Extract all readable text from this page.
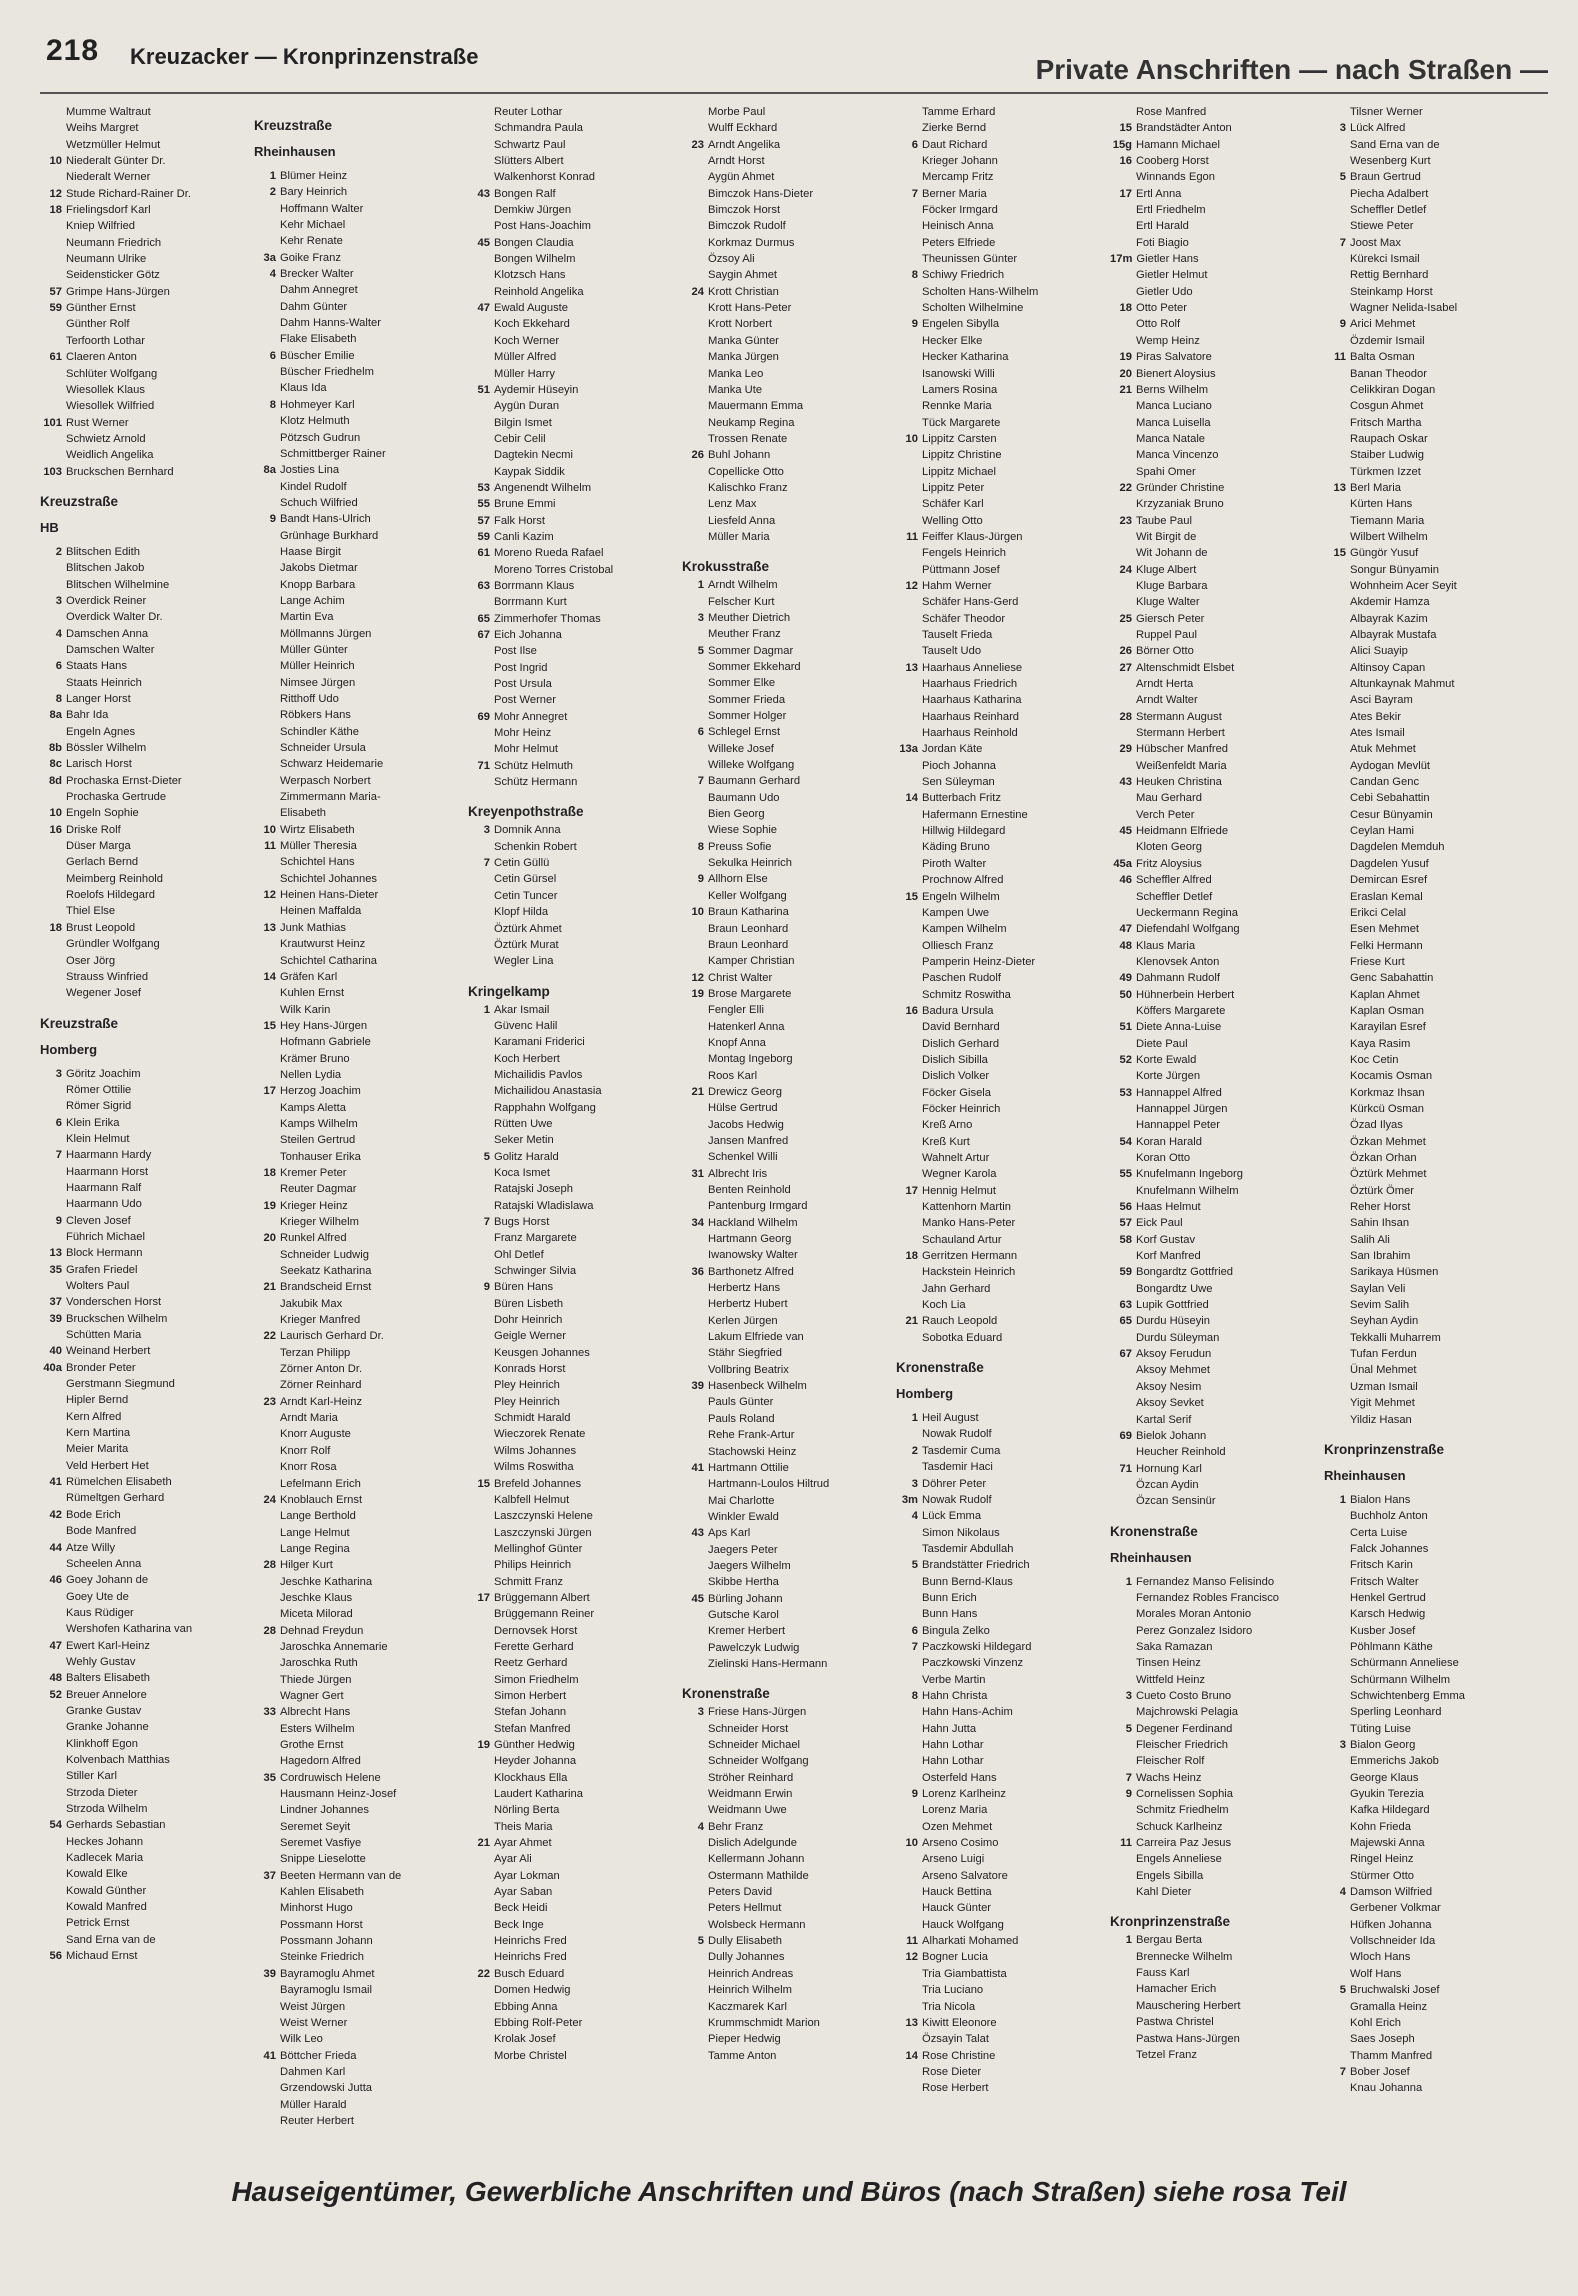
218 Kreuzacker — Kronprinzenstraße	Private Anschriften — nach Straßen —
Mumme Waltraut
Weihs Margret
Wetzmüller Helmut
10 Niederalt Günter Dr.
Niederalt Werner
12 Stude Richard-Rainer Dr.
18 Frielingsdorf Karl
Kniep Wilfried
Neumann Friedrich
Neumann Ulrike
Seidensticker Götz
57 Grimpe Hans-Jürgen
59 Günther Ernst
Günther Rolf
Terfoorth Lothar
61 Claeren Anton
Schlüter Wolfgang
Wiesollek Klaus
Wiesollek Wilfried
101 Rust Werner
Schwietz Arnold
Weidlich Angelika
103 Bruckschen Bernhard
Kreuzstraße
HB
2 Blitschen Edith
Blitschen Jakob
Blitschen Wilhelmine
3 Overdick Reiner
Overdick Walter Dr.
4 Damschen Anna
Damschen Walter
6 Staats Hans
Staats Heinrich
8 Langer Horst
8a Bahr Ida
Engeln Agnes
8b Bössler Wilhelm
8c Larisch Horst
8d Prochaska Ernst-Dieter
Prochaska Gertrude
10 Engeln Sophie
16 Driske Rolf
Düser Marga
Gerlach Bernd
Meimberg Reinhold
Roelofs Hildegard
Thiel Else
18 Brust Leopold
Gründler Wolfgang
Oser Jörg
Strauss Winfried
Wegener Josef
Kreuzstraße
Homberg
3 Göritz Joachim
Römer Ottilie
Römer Sigrid
6 Klein Erika
Klein Helmut
7 Haarmann Hardy
Haarmann Horst
Haarmann Ralf
Haarmann Udo
9 Cleven Josef
Führich Michael
13 Block Hermann
35 Grafen Friedel
Wolters Paul
37 Vonderschen Horst
39 Bruckschen Wilhelm
Schütten Maria
40 Weinand Herbert
40a Bronder Peter
Gerstmann Siegmund
Hipler Bernd
Kern Alfred
Kern Martina
Meier Marita
Veld Herbert Het
41 Rümelchen Elisabeth
Rümeltgen Gerhard
42 Bode Erich
Bode Manfred
44 Atze Willy
Scheelen Anna
46 Goey Johann de
Goey Ute de
Kaus Rüdiger
Wershofen Katharina van
47 Ewert Karl-Heinz
Wehly Gustav
48 Balters Elisabeth
52 Breuer Annelore
Granke Gustav
Granke Johanne
Klinkhoff Egon
Kolvenbach Matthias
Stiller Karl
Strzoda Dieter
Strzoda Wilhelm
54 Gerhards Sebastian
Heckes Johann
Kadlecek Maria
Kowald Elke
Kowald Günther
Kowald Manfred
Petrick Ernst
Sand Erna van de
56 Michaud Ernst
Kreuzstraße
Rheinhausen
1 Blümer Heinz
2 Bary Heinrich
Hoffmann Walter
Kehr Michael
Kehr Renate
3a Goike Franz
4 Brecker Walter
Dahm Annegret
Dahm Günter
Dahm Hanns-Walter
Flake Elisabeth
6 Büscher Emilie
Büscher Friedhelm
Klaus Ida
8 Hohmeyer Karl
Klotz Helmuth
Pötzsch Gudrun
Schmittberger Rainer
8a Josties Lina
Kindel Rudolf
Schuch Wilfried
9 Bandt Hans-Ulrich
Grünhage Burkhard
Haase Birgit
Jakobs Dietmar
Knopp Barbara
Lange Achim
Martin Eva
Möllmanns Jürgen
Müller Günter
Müller Heinrich
Nimsee Jürgen
Ritthoff Udo
Röbkers Hans
Schindler Käthe
Schneider Ursula
Schwarz Heidemarie
Werpasch Norbert
Zimmermann Maria-
Elisabeth
10 Wirtz Elisabeth
11 Müller Theresia
Schichtel Hans
Schichtel Johannes
12 Heinen Hans-Dieter
Heinen Maffalda
13 Junk Mathias
Krautwurst Heinz
Schichtel Catharina
14 Gräfen Karl
Kuhlen Ernst
Wilk Karin
15 Hey Hans-Jürgen
Hofmann Gabriele
Krämer Bruno
Nellen Lydia
17 Herzog Joachim
Kamps Aletta
Kamps Wilhelm
Steilen Gertrud
Tonhauser Erika
18 Kremer Peter
Reuter Dagmar
19 Krieger Heinz
Krieger Wilhelm
20 Runkel Alfred
Schneider Ludwig
Seekatz Katharina
21 Brandscheid Ernst
Jakubik Max
Krieger Manfred
22 Laurisch Gerhard Dr.
Terzan Philipp
Zörner Anton Dr.
Zörner Reinhard
23 Arndt Karl-Heinz
Arndt Maria
Knorr Auguste
Knorr Rolf
Knorr Rosa
Lefelmann Erich
24 Knoblauch Ernst
Lange Berthold
Lange Helmut
Lange Regina
28 Hilger Kurt
Jeschke Katharina
Jeschke Klaus
Miceta Milorad
28 Dehnad Freydun
Jaroschka Annemarie
Jaroschka Ruth
Thiede Jürgen
Wagner Gert
33 Albrecht Hans
Esters Wilhelm
Grothe Ernst
Hagedorn Alfred
35 Cordruwisch Helene
Hausmann Heinz-Josef
Lindner Johannes
Seremet Seyit
Seremet Vasfiye
Snippe Lieselotte
37 Beeten Hermann van de
Kahlen Elisabeth
Minhorst Hugo
Possmann Horst
Possmann Johann
Steinke Friedrich
39 Bayramoglu Ahmet
Bayramoglu Ismail
Weist Jürgen
Weist Werner
Wilk Leo
41 Böttcher Frieda
Dahmen Karl
Grzendowski Jutta
Müller Harald
Reuter Herbert
Reuter Lothar
Schmandra Paula
Schwartz Paul
Slütters Albert
Walkenhorst Konrad
43 Bongen Ralf
Demkiw Jürgen
Post Hans-Joachim
45 Bongen Claudia
Bongen Wilhelm
Klotzsch Hans
Reinhold Angelika
47 Ewald Auguste
Koch Ekkehard
Koch Werner
Müller Alfred
Müller Harry
51 Aydemir Hüseyin
Aygün Duran
Bilgin Ismet
Cebir Celil
Dagtekin Necmi
Kaypak Siddik
53 Angenendt Wilhelm
55 Brune Emmi
57 Falk Horst
59 Canli Kazim
61 Moreno Rueda Rafael
Moreno Torres Cristobal
63 Borrmann Klaus
Borrmann Kurt
65 Zimmerhofer Thomas
67 Eich Johanna
Post Ilse
Post Ingrid
Post Ursula
Post Werner
69 Mohr Annegret
Mohr Heinz
Mohr Helmut
71 Schütz Helmuth
Schütz Hermann
Kreyenpothstraße
3 Domnik Anna
Schenkin Robert
7 Cetin Güllü
Cetin Gürsel
Cetin Tuncer
Klopf Hilda
Öztürk Ahmet
Öztürk Murat
Wegler Lina
Kringelkamp
1 Akar Ismail
Güvenc Halil
Karamani Friderici
Koch Herbert
Michailidis Pavlos
Michailidou Anastasia
Rapphahn Wolfgang
Rütten Uwe
Seker Metin
5 Golitz Harald
Koca Ismet
Ratajski Joseph
Ratajski Wladislawa
7 Bugs Horst
Franz Margarete
Ohl Detlef
Schwinger Silvia
9 Büren Hans
Büren Lisbeth
Dohr Heinrich
Geigle Werner
Keusgen Johannes
Konrads Horst
Pley Heinrich
Pley Heinrich
Schmidt Harald
Wieczorek Renate
Wilms Johannes
Wilms Roswitha
15 Brefeld Johannes
Kalbfell Helmut
Laszczynski Helene
Laszczynski Jürgen
Mellinghof Günter
Philips Heinrich
Schmitt Franz
17 Brüggemann Albert
Brüggemann Reiner
Dernovsek Horst
Ferette Gerhard
Reetz Gerhard
Simon Friedhelm
Simon Herbert
Stefan Johann
Stefan Manfred
19 Günther Hedwig
Heyder Johanna
Klockhaus Ella
Laudert Katharina
Nörling Berta
Theis Maria
21 Ayar Ahmet
Ayar Ali
Ayar Lokman
Ayar Saban
Beck Heidi
Beck Inge
Heinrichs Fred
Heinrichs Fred
22 Busch Eduard
Domen Hedwig
Ebbing Anna
Ebbing Rolf-Peter
Krolak Josef
Morbe Christel
Morbe Paul
Wulff Eckhard
23 Arndt Angelika
Arndt Horst
Aygün Ahmet
Bimczok Hans-Dieter
Bimczok Horst
Bimczok Rudolf
Korkmaz Durmus
Özsoy Ali
Saygin Ahmet
24 Krott Christian
Krott Hans-Peter
Krott Norbert
Manka Günter
Manka Jürgen
Manka Leo
Manka Ute
Mauermann Emma
Neukamp Regina
Trossen Renate
26 Buhl Johann
Copellicke Otto
Kalischko Franz
Lenz Max
Liesfeld Anna
Müller Maria
Krokusstraße
1 Arndt Wilhelm
Felscher Kurt
3 Meuther Dietrich
Meuther Franz
5 Sommer Dagmar
Sommer Ekkehard
Sommer Elke
Sommer Frieda
Sommer Holger
6 Schlegel Ernst
Willeke Josef
Willeke Wolfgang
7 Baumann Gerhard
Baumann Udo
Bien Georg
Wiese Sophie
8 Preuss Sofie
Sekulka Heinrich
9 Allhorn Else
Keller Wolfgang
10 Braun Katharina
Braun Leonhard
Braun Leonhard
Kamper Christian
12 Christ Walter
19 Brose Margarete
Fengler Elli
Hatenkerl Anna
Knopf Anna
Montag Ingeborg
Roos Karl
21 Drewicz Georg
Hülse Gertrud
Jacobs Hedwig
Jansen Manfred
Schenkel Willi
31 Albrecht Iris
Benten Reinhold
Pantenburg Irmgard
34 Hackland Wilhelm
Hartmann Georg
Iwanowsky Walter
36 Barthonetz Alfred
Herbertz Hans
Herbertz Hubert
Kerlen Jürgen
Lakum Elfriede van
Stähr Siegfried
Vollbring Beatrix
39 Hasenbeck Wilhelm
Pauls Günter
Pauls Roland
Rehe Frank-Artur
Stachowski Heinz
41 Hartmann Ottilie
Hartmann-Loulos Hiltrud
Mai Charlotte
Winkler Ewald
43 Aps Karl
Jaegers Peter
Jaegers Wilhelm
Skibbe Hertha
45 Bürling Johann
Gutsche Karol
Kremer Herbert
Pawelczyk Ludwig
Zielinski Hans-Hermann
Kronenstraße
3 Friese Hans-Jürgen
Schneider Horst
Schneider Michael
Schneider Wolfgang
Ströher Reinhard
Weidmann Erwin
Weidmann Uwe
4 Behr Franz
Dislich Adelgunde
Kellermann Johann
Ostermann Mathilde
Peters David
Peters Hellmut
Wolsbeck Hermann
5 Dully Elisabeth
Dully Johannes
Heinrich Andreas
Heinrich Wilhelm
Kaczmarek Karl
Krummschmidt Marion
Pieper Hedwig
Tamme Anton
Tamme Erhard
Zierke Bernd
6 Daut Richard
Krieger Johann
Mercamp Fritz
7 Berner Maria
Föcker Irmgard
Heinisch Anna
Peters Elfriede
Theunissen Günter
8 Schiwy Friedrich
Scholten Hans-Wilhelm
Scholten Wilhelmine
9 Engelen Sibylla
Hecker Elke
Hecker Katharina
Isanowski Willi
Lamers Rosina
Rennke Maria
Tück Margarete
10 Lippitz Carsten
Lippitz Christine
Lippitz Michael
Lippitz Peter
Schäfer Karl
Welling Otto
11 Feiffer Klaus-Jürgen
Fengels Heinrich
Püttmann Josef
12 Hahm Werner
Schäfer Hans-Gerd
Schäfer Theodor
Tauselt Frieda
Tauselt Udo
13 Haarhaus Anneliese
Haarhaus Friedrich
Haarhaus Katharina
Haarhaus Reinhard
Haarhaus Reinhold
13a Jordan Käte
Pioch Johanna
Sen Süleyman
14 Butterbach Fritz
Hafermann Ernestine
Hillwig Hildegard
Käding Bruno
Piroth Walter
Prochnow Alfred
15 Engeln Wilhelm
Kampen Uwe
Kampen Wilhelm
Olliesch Franz
Pamperin Heinz-Dieter
Paschen Rudolf
Schmitz Roswitha
16 Badura Ursula
David Bernhard
Dislich Gerhard
Dislich Sibilla
Dislich Volker
Föcker Gisela
Föcker Heinrich
Kreß Arno
Kreß Kurt
Wahnelt Artur
Wegner Karola
17 Hennig Helmut
Kattenhorn Martin
Manko Hans-Peter
Schauland Artur
18 Gerritzen Hermann
Hackstein Heinrich
Jahn Gerhard
Koch Lia
21 Rauch Leopold
Sobotka Eduard
Kronenstraße
Homberg
1 Heil August
Nowak Rudolf
2 Tasdemir Cuma
Tasdemir Haci
3 Döhrer Peter
3m Nowak Rudolf
4 Lück Emma
Simon Nikolaus
Tasdemir Abdullah
5 Brandstätter Friedrich
Bunn Bernd-Klaus
Bunn Erich
Bunn Hans
6 Bingula Zelko
7 Paczkowski Hildegard
Paczkowski Vinzenz
Verbe Martin
8 Hahn Christa
Hahn Hans-Achim
Hahn Jutta
Hahn Lothar
Hahn Lothar
Osterfeld Hans
9 Lorenz Karlheinz
Lorenz Maria
Ozen Mehmet
10 Arseno Cosimo
Arseno Luigi
Arseno Salvatore
Hauck Bettina
Hauck Günter
Hauck Wolfgang
11 Alharkati Mohamed
12 Bogner Lucia
Tria Giambattista
Tria Luciano
Tria Nicola
13 Kiwitt Eleonore
Özsayin Talat
14 Rose Christine
Rose Dieter
Rose Herbert
Rose Manfred
15 Brandstädter Anton
15g Hamann Michael
16 Cooberg Horst
Winnands Egon
17 Ertl Anna
Ertl Friedhelm
Ertl Harald
Foti Biagio
17m Gietler Hans
Gietler Helmut
Gietler Udo
18 Otto Peter
Otto Rolf
Wemp Heinz
19 Piras Salvatore
20 Bienert Aloysius
21 Berns Wilhelm
Manca Luciano
Manca Luisella
Manca Natale
Manca Vincenzo
Spahi Omer
22 Gründer Christine
Krzyzaniak Bruno
23 Taube Paul
Wit Birgit de
Wit Johann de
24 Kluge Albert
Kluge Barbara
Kluge Walter
25 Giersch Peter
Ruppel Paul
26 Börner Otto
27 Altenschmidt Elsbet
Arndt Herta
Arndt Walter
28 Stermann August
Stermann Herbert
29 Hübscher Manfred
Weißenfeldt Maria
43 Heuken Christina
Mau Gerhard
Verch Peter
45 Heidmann Elfriede
Kloten Georg
45a Fritz Aloysius
46 Scheffler Alfred
Scheffler Detlef
Ueckermann Regina
47 Diefendahl Wolfgang
48 Klaus Maria
Klenovsek Anton
49 Dahmann Rudolf
50 Hühnerbein Herbert
Köffers Margarete
51 Diete Anna-Luise
Diete Paul
52 Korte Ewald
Korte Jürgen
53 Hannappel Alfred
Hannappel Jürgen
Hannappel Peter
54 Koran Harald
Koran Otto
55 Knufelmann Ingeborg
Knufelmann Wilhelm
56 Haas Helmut
57 Eick Paul
58 Korf Gustav
Korf Manfred
59 Bongardtz Gottfried
Bongardtz Uwe
63 Lupik Gottfried
65 Durdu Hüseyin
Durdu Süleyman
67 Aksoy Ferudun
Aksoy Mehmet
Aksoy Nesim
Aksoy Sevket
Kartal Serif
69 Bielok Johann
Heucher Reinhold
71 Hornung Karl
Özcan Aydin
Özcan Sensinür
Kronenstraße
Rheinhausen
1 Fernandez Manso Felisindo
Fernandez Robles Francisco
Morales Moran Antonio
Perez Gonzalez Isidoro
Saka Ramazan
Tinsen Heinz
Wittfeld Heinz
3 Cueto Costo Bruno
Majchrowski Pelagia
5 Degener Ferdinand
Fleischer Friedrich
Fleischer Rolf
7 Wachs Heinz
9 Cornelissen Sophia
Schmitz Friedhelm
Schuck Karlheinz
11 Carreira Paz Jesus
Engels Anneliese
Engels Sibilla
Kahl Dieter
Kronprinzenstraße
1 Bergau Berta
Brennecke Wilhelm
Fauss Karl
Hamacher Erich
Mauschering Herbert
Pastwa Christel
Pastwa Hans-Jürgen
Tetzel Franz
Tilsner Werner
3 Lück Alfred
Sand Erna van de
Wesenberg Kurt
5 Braun Gertrud
Piecha Adalbert
Scheffler Detlef
Stiewe Peter
7 Joost Max
Kürekci Ismail
Rettig Bernhard
Steinkamp Horst
Wagner Nelida-Isabel
9 Arici Mehmet
Özdemir Ismail
11 Balta Osman
Banan Theodor
Celikkiran Dogan
Cosgun Ahmet
Fritsch Martha
Raupach Oskar
Staiber Ludwig
Türkmen Izzet
13 Berl Maria
Kürten Hans
Tiemann Maria
Wilbert Wilhelm
15 Güngör Yusuf
Songur Bünyamin
Wohnheim Acer Seyit
Akdemir Hamza
Albayrak Kazim
Albayrak Mustafa
Alici Suayip
Altinsoy Capan
Altunkaynak Mahmut
Asci Bayram
Ates Bekir
Ates Ismail
Atuk Mehmet
Aydogan Mevlüt
Candan Genc
Cebi Sebahattin
Cesur Bünyamin
Ceylan Hami
Dagdelen Memduh
Dagdelen Yusuf
Demircan Esref
Eraslan Kemal
Erikci Celal
Esen Mehmet
Felki Hermann
Friese Kurt
Genc Sabahattin
Kaplan Ahmet
Kaplan Osman
Karayilan Esref
Kaya Rasim
Koc Cetin
Kocamis Osman
Korkmaz Ihsan
Kürkcü Osman
Özad Ilyas
Özkan Mehmet
Özkan Orhan
Öztürk Mehmet
Öztürk Ömer
Reher Horst
Sahin Ihsan
Salih Ali
San Ibrahim
Sarikaya Hüsmen
Saylan Veli
Sevim Salih
Seyhan Aydin
Tekkalli Muharrem
Tufan Ferdun
Ünal Mehmet
Uzman Ismail
Yigit Mehmet
Yildiz Hasan
Kronprinzenstraße
Rheinhausen
1 Bialon Hans
Buchholz Anton
Certa Luise
Falck Johannes
Fritsch Karin
Fritsch Walter
Henkel Gertrud
Karsch Hedwig
Kusber Josef
Pöhlmann Käthe
Schürmann Anneliese
Schürmann Wilhelm
Schwichtenberg Emma
Sperling Leonhard
Tüting Luise
3 Bialon Georg
Emmerichs Jakob
George Klaus
Gyukin Terezia
Kafka Hildegard
Kohn Frieda
Majewski Anna
Ringel Heinz
Stürmer Otto
4 Damson Wilfried
Gerbener Volkmar
Hüfken Johanna
Vollschneider Ida
Wloch Hans
Wolf Hans
5 Bruchwalski Josef
Gramalla Heinz
Kohl Erich
Saes Joseph
Thamm Manfred
7 Bober Josef
Knau Johanna
Hauseigentümer, Gewerbliche Anschriften und Büros (nach Straßen) siehe rosa Teil
